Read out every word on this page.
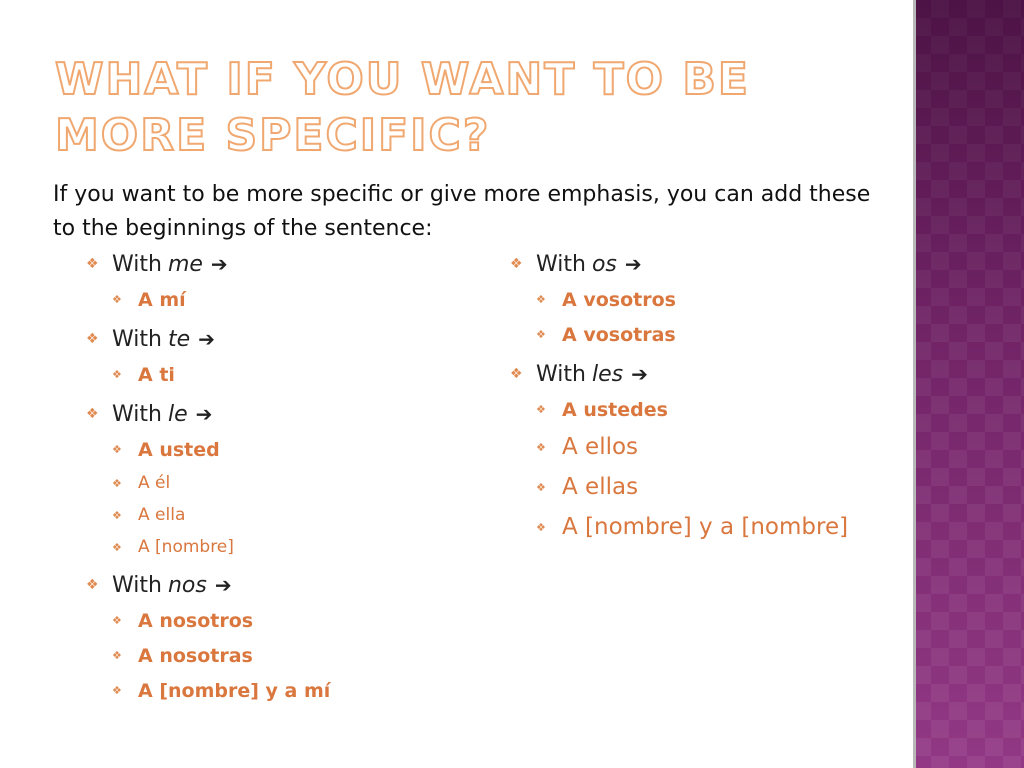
WHAT IF YOU WANT TO BE MORE SPECIFIC?

If you want to be more specific or give more emphasis, you can add these to the beginnings of the sentence:

❖ With me ➔
❖ A mí
❖ With te ➔
❖ A ti
❖ With le ➔
❖ A usted
❖ A él
❖ A ella
❖ A [nombre]
❖ With nos ➔
❖ A nosotros
❖ A nosotras
❖ A [nombre] y a mí
❖ With os ➔
❖ A vosotros
❖ A vosotras
❖ With les ➔
❖ A ustedes
❖ A ellos
❖ A ellas
❖ A [nombre] y a [nombre]
